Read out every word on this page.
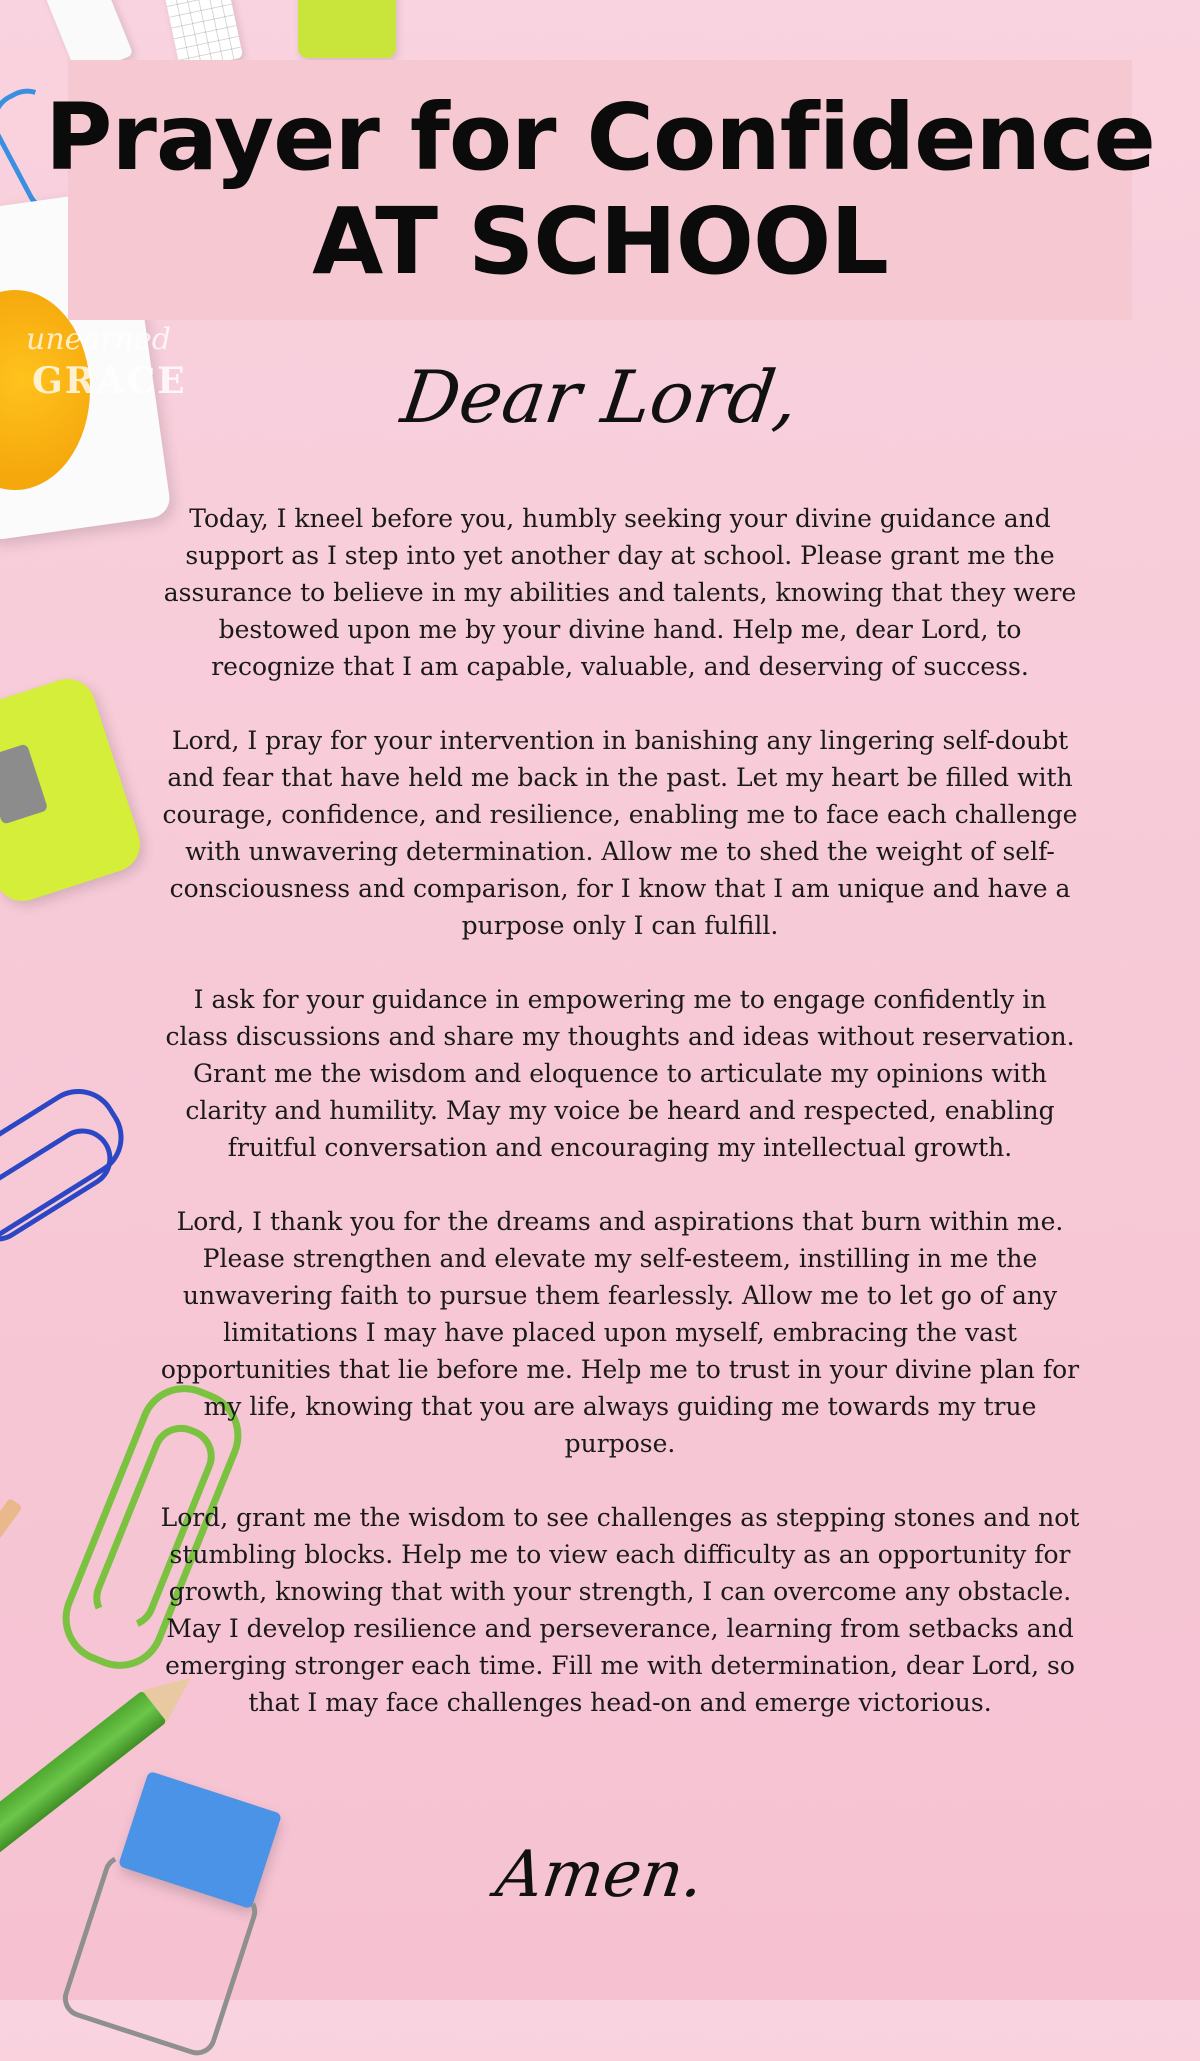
unearned
GRACE
Prayer for Confidence
AT SCHOOL
Dear Lord,

Today, I kneel before you, humbly seeking your divine guidance and support as I step into yet another day at school. Please grant me the assurance to believe in my abilities and talents, knowing that they were bestowed upon me by your divine hand. Help me, dear Lord, to recognize that I am capable, valuable, and deserving of success.

Lord, I pray for your intervention in banishing any lingering self-doubt and fear that have held me back in the past. Let my heart be filled with courage, confidence, and resilience, enabling me to face each challenge with unwavering determination. Allow me to shed the weight of self-consciousness and comparison, for I know that I am unique and have a purpose only I can fulfill.

I ask for your guidance in empowering me to engage confidently in class discussions and share my thoughts and ideas without reservation. Grant me the wisdom and eloquence to articulate my opinions with clarity and humility. May my voice be heard and respected, enabling fruitful conversation and encouraging my intellectual growth.

Lord, I thank you for the dreams and aspirations that burn within me. Please strengthen and elevate my self-esteem, instilling in me the unwavering faith to pursue them fearlessly. Allow me to let go of any limitations I may have placed upon myself, embracing the vast opportunities that lie before me. Help me to trust in your divine plan for my life, knowing that you are always guiding me towards my true purpose.

Lord, grant me the wisdom to see challenges as stepping stones and not stumbling blocks. Help me to view each difficulty as an opportunity for growth, knowing that with your strength, I can overcome any obstacle. May I develop resilience and perseverance, learning from setbacks and emerging stronger each time. Fill me with determination, dear Lord, so that I may face challenges head-on and emerge victorious.

Amen.
